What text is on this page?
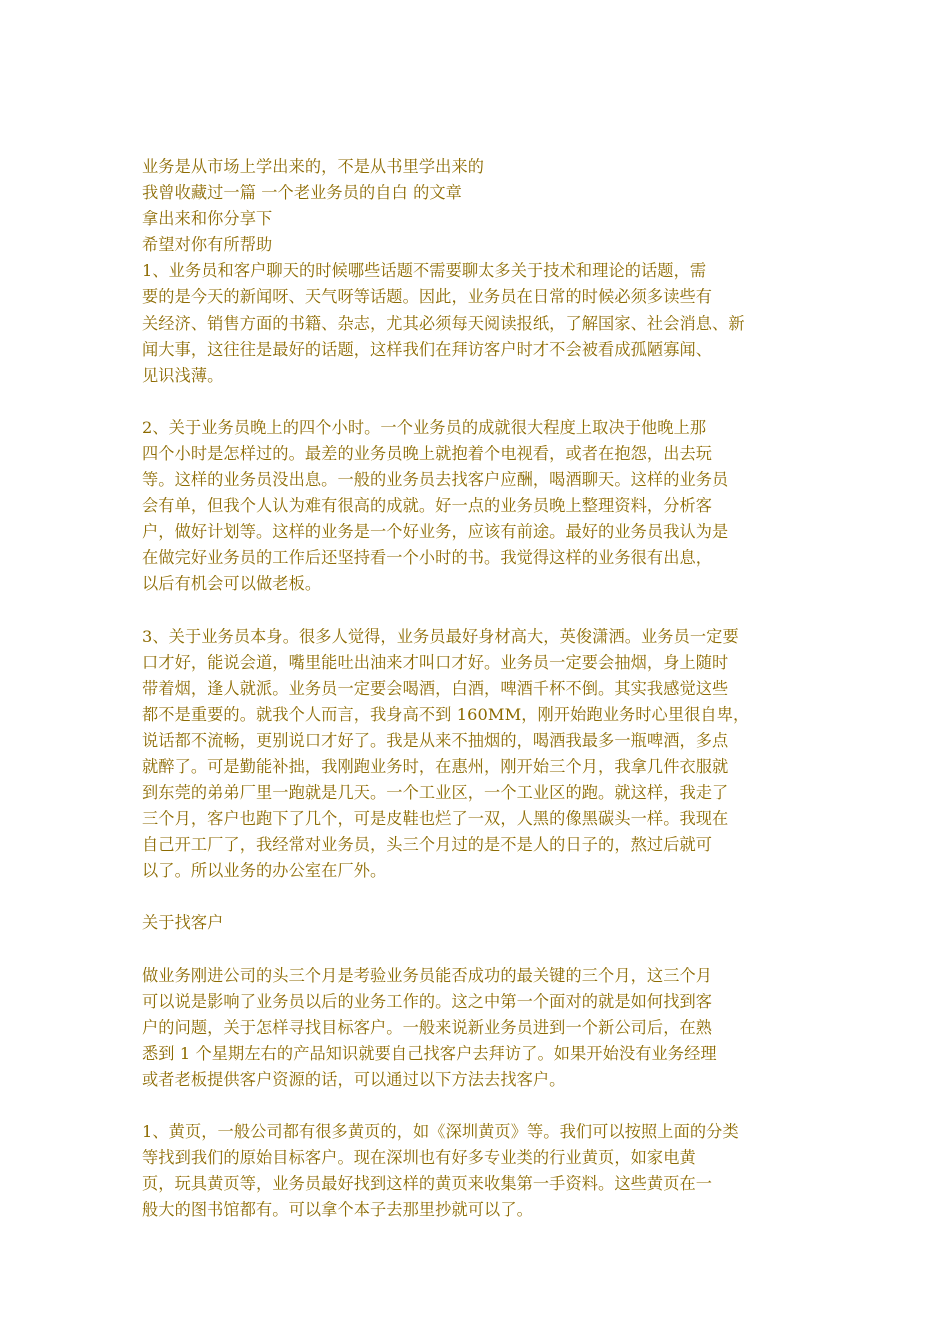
业务是从市场上学出来的，不是从书里学出来的
我曾收藏过一篇 一个老业务员的自白 的文章
拿出来和你分享下
希望对你有所帮助
1、业务员和客户聊天的时候哪些话题不需要聊太多关于技术和理论的话题，需
要的是今天的新闻呀、天气呀等话题。因此，业务员在日常的时候必须多读些有
关经济、销售方面的书籍、杂志，尤其必须每天阅读报纸，了解国家、社会消息、新
闻大事，这往往是最好的话题，这样我们在拜访客户时才不会被看成孤陋寡闻、
见识浅薄。
2、关于业务员晚上的四个小时。一个业务员的成就很大程度上取决于他晚上那
四个小时是怎样过的。最差的业务员晚上就抱着个电视看，或者在抱怨，出去玩
等。这样的业务员没出息。一般的业务员去找客户应酬，喝酒聊天。这样的业务员
会有单，但我个人认为难有很高的成就。好一点的业务员晚上整理资料，分析客
户，做好计划等。这样的业务是一个好业务，应该有前途。最好的业务员我认为是
在做完好业务员的工作后还坚持看一个小时的书。我觉得这样的业务很有出息，
以后有机会可以做老板。
3、关于业务员本身。很多人觉得，业务员最好身材高大，英俊潇洒。业务员一定要
口才好，能说会道，嘴里能吐出油来才叫口才好。业务员一定要会抽烟，身上随时
带着烟，逢人就派。业务员一定要会喝酒，白酒，啤酒千杯不倒。其实我感觉这些
都不是重要的。就我个人而言，我身高不到 160MM，刚开始跑业务时心里很自卑，
说话都不流畅，更别说口才好了。我是从来不抽烟的，喝酒我最多一瓶啤酒，多点
就醉了。可是勤能补拙，我刚跑业务时，在惠州，刚开始三个月，我拿几件衣服就
到东莞的弟弟厂里一跑就是几天。一个工业区，一个工业区的跑。就这样，我走了
三个月，客户也跑下了几个，可是皮鞋也烂了一双，人黑的像黑碳头一样。我现在
自己开工厂了，我经常对业务员，头三个月过的是不是人的日子的，熬过后就可
以了。所以业务的办公室在厂外。
关于找客户
做业务刚进公司的头三个月是考验业务员能否成功的最关键的三个月，这三个月
可以说是影响了业务员以后的业务工作的。这之中第一个面对的就是如何找到客
户的问题，关于怎样寻找目标客户。一般来说新业务员进到一个新公司后，在熟
悉到 1 个星期左右的产品知识就要自己找客户去拜访了。如果开始没有业务经理
或者老板提供客户资源的话，可以通过以下方法去找客户。
1、黄页，一般公司都有很多黄页的，如《深圳黄页》等。我们可以按照上面的分类
等找到我们的原始目标客户。现在深圳也有好多专业类的行业黄页，如家电黄
页，玩具黄页等，业务员最好找到这样的黄页来收集第一手资料。这些黄页在一
般大的图书馆都有。可以拿个本子去那里抄就可以了。
